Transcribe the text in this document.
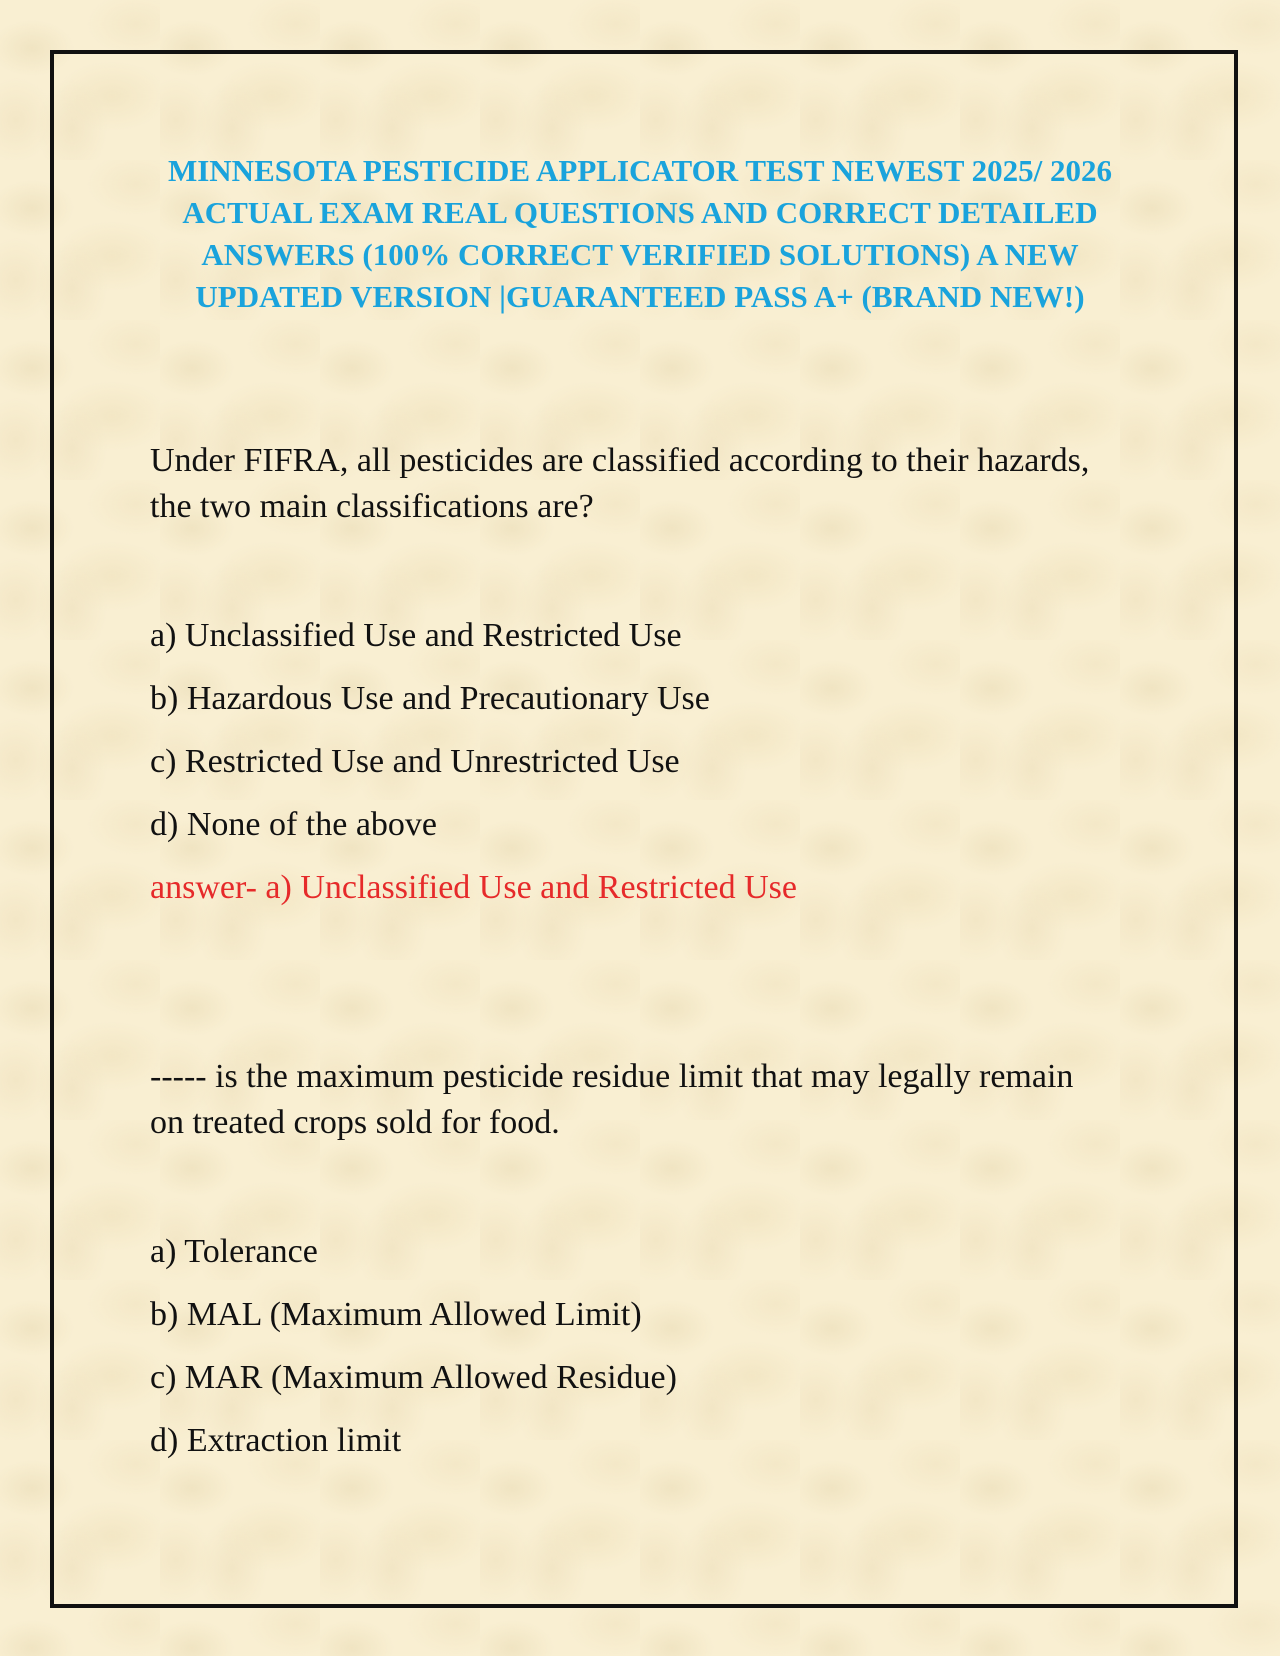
MINNESOTA PESTICIDE APPLICATOR TEST NEWEST 2025/ 2026 ACTUAL EXAM REAL QUESTIONS AND CORRECT DETAILED ANSWERS (100% CORRECT VERIFIED SOLUTIONS) A NEW UPDATED VERSION |GUARANTEED PASS A+ (BRAND NEW!)

Under FIFRA, all pesticides are classified according to their hazards, the two main classifications are?

a) Unclassified Use and Restricted Use
b) Hazardous Use and Precautionary Use
c) Restricted Use and Unrestricted Use
d) None of the above
answer- a) Unclassified Use and Restricted Use

----- is the maximum pesticide residue limit that may legally remain on treated crops sold for food.

a) Tolerance
b) MAL (Maximum Allowed Limit)
c) MAR (Maximum Allowed Residue)
d) Extraction limit
